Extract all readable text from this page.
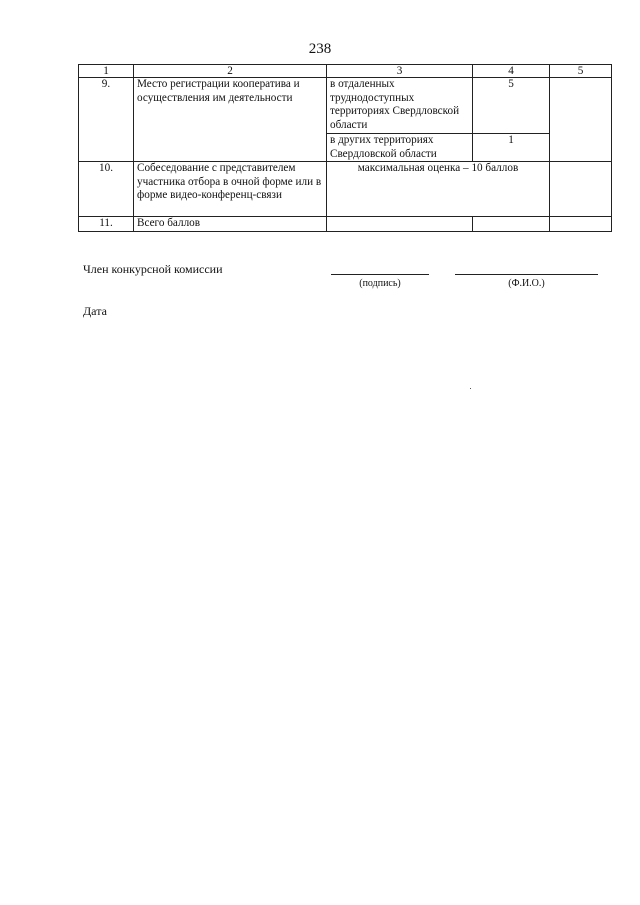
238
1	2	3	4	5
9.	Место регистрации кооператива и осуществления им деятельности	в отдаленных труднодоступных территориях Свердловской области	5	
		в других территориях Свердловской области	1	
10.	Собеседование с представителем участника отбора в очной форме или в форме видео-конференц-связи	максимальная оценка – 10 баллов		
11.	Всего баллов			
Член конкурсной комиссии
(подпись)	(Ф.И.О.)
Дата
